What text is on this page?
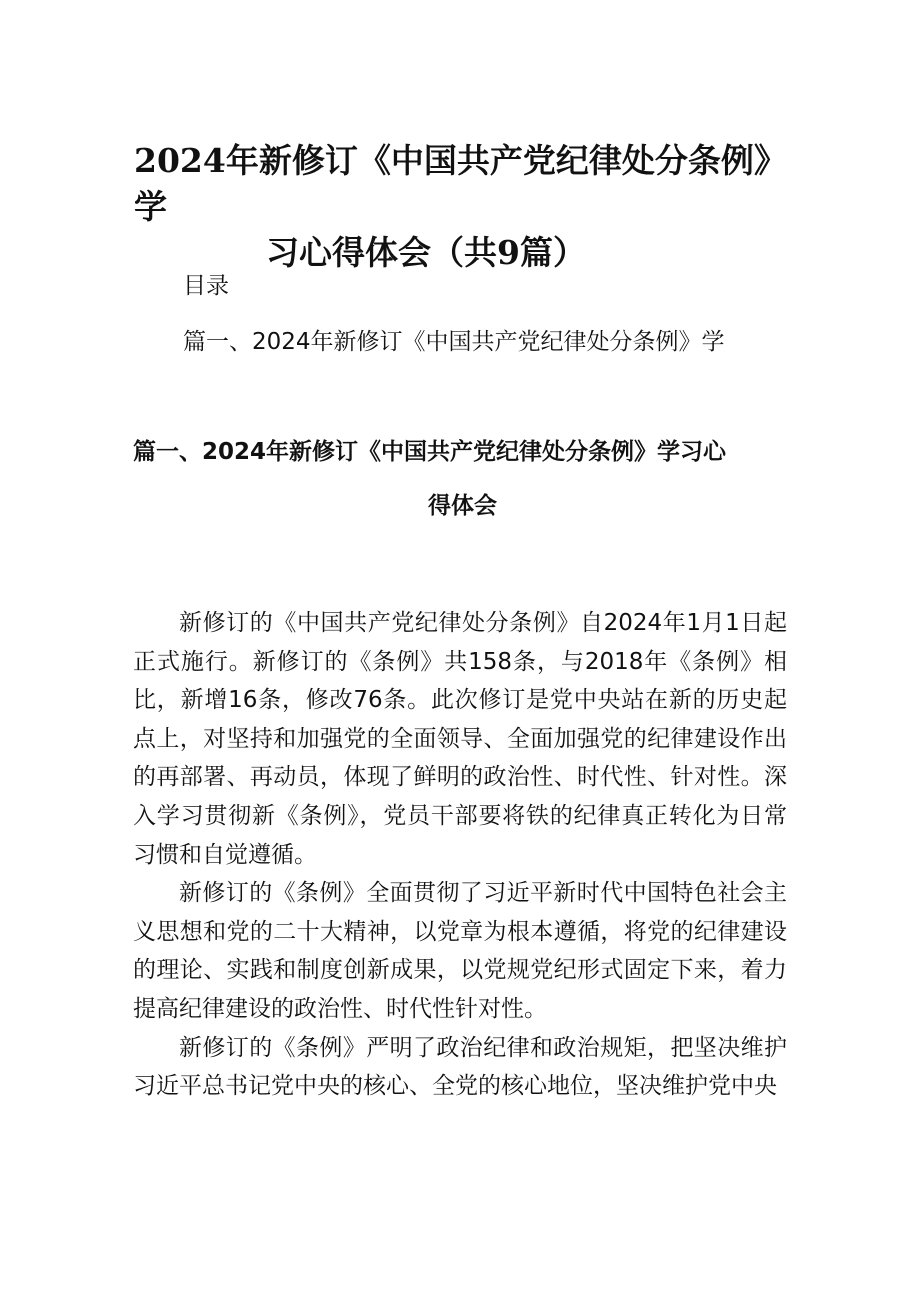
2024年新修订《中国共产党纪律处分条例》学
习心得体会（共9篇）

目录

篇一、2024年新修订《中国共产党纪律处分条例》学

篇一、2024年新修订《中国共产党纪律处分条例》学习心
得体会

新修订的《中国共产党纪律处分条例》自2024年1月1日起正式施行。新修订的《条例》共158条，与2018年《条例》相比，新增16条，修改76条。此次修订是党中央站在新的历史起点上，对坚持和加强党的全面领导、全面加强党的纪律建设作出的再部署、再动员，体现了鲜明的政治性、时代性、针对性。深入学习贯彻新《条例》，党员干部要将铁的纪律真正转化为日常习惯和自觉遵循。

新修订的《条例》全面贯彻了习近平新时代中国特色社会主义思想和党的二十大精神，以党章为根本遵循，将党的纪律建设的理论、实践和制度创新成果，以党规党纪形式固定下来，着力提高纪律建设的政治性、时代性针对性。

新修订的《条例》严明了政治纪律和政治规矩，把坚决维护习近平总书记党中央的核心、全党的核心地位，坚决维护党中央
